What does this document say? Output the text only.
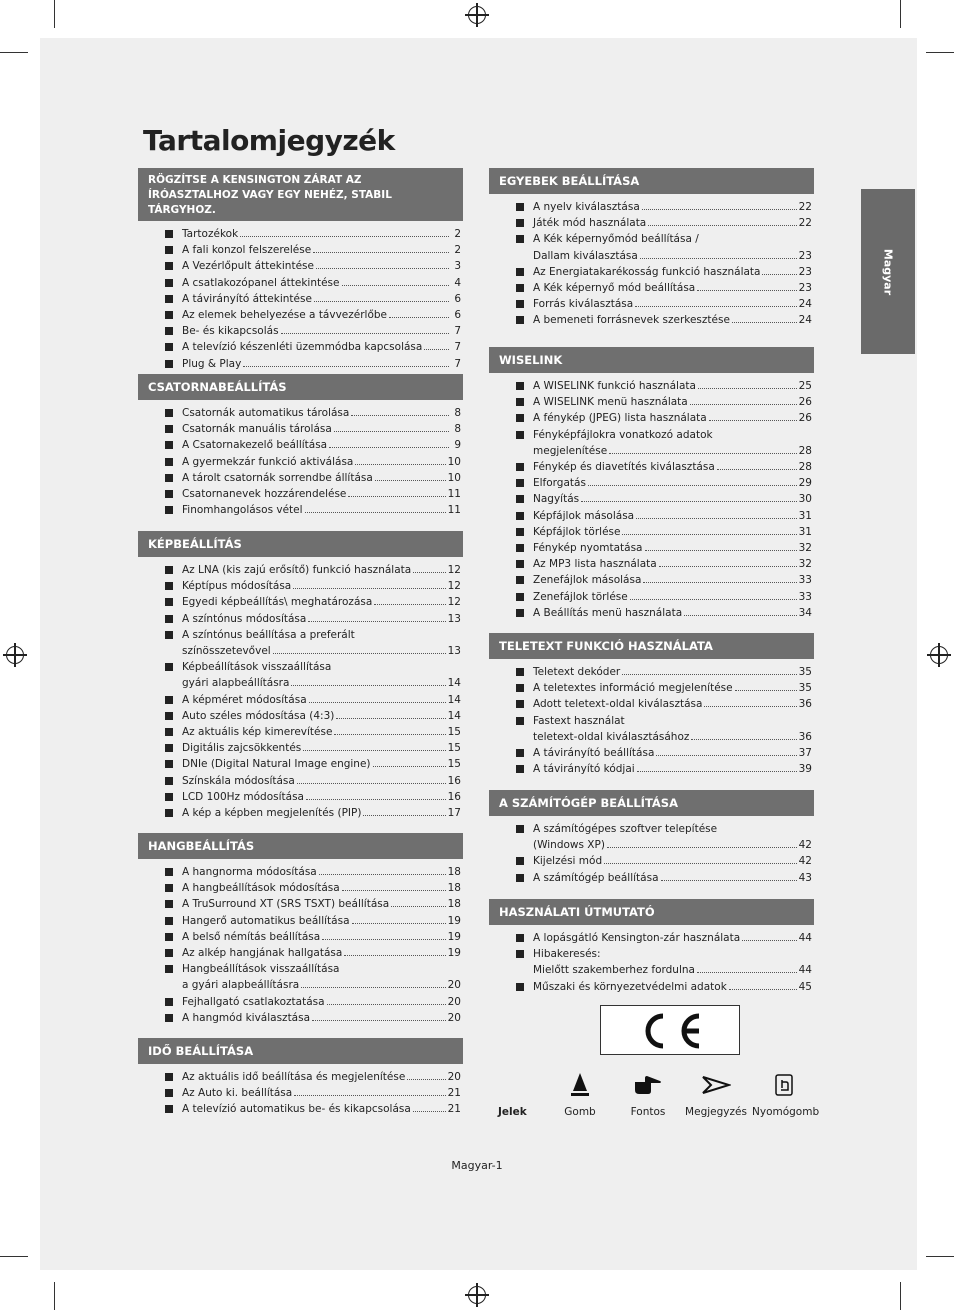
Tartalomjegyzék
Magyar
RÖGZÍTSE A KENSINGTON ZÁRAT AZ ÍRÓASZTALHOZ VAGY EGY NEHÉZ, STABIL TÁRGYHOZ.
Tartozékok	2
A fali konzol felszerelése	2
A Vezérlőpult áttekintése	3
A csatlakozópanel áttekintése	4
A távirányító áttekintése	6
Az elemek behelyezése a távvezérlőbe	6
Be- és kikapcsolás	7
A televízió készenléti üzemmódba kapcsolása	7
Plug & Play	7
CSATORNABEÁLLÍTÁS
Csatornák automatikus tárolása	8
Csatornák manuális tárolása	8
A Csatornakezelő beállítása	9
A gyermekzár funkció aktiválása	10
A tárolt csatornák sorrendbe állítása	10
Csatornanevek hozzárendelése	11
Finomhangolásos vétel	11
KÉPBEÁLLÍTÁS
Az LNA (kis zajú erősítő) funkció használata	12
Képtípus módosítása	12
Egyedi képbeállítás\ meghatározása	12
A színtónus módosítása	13
A színtónus beállítása a preferált
színösszetevővel	13
Képbeállítások visszaállítása
gyári alapbeállításra	14
A képméret módosítása	14
Auto széles módosítása (4:3)	14
Az aktuális kép kimerevítése	15
Digitális zajcsökkentés	15
DNIe (Digital Natural Image engine)	15
Színskála módosítása	16
LCD 100Hz módosítása	16
A kép a képben megjelenítés (PIP)	17
HANGBEÁLLÍTÁS
A hangnorma módosítása	18
A hangbeállítások módosítása	18
A TruSurround XT (SRS TSXT) beállítása	18
Hangerő automatikus beállítása	19
A belső némítás beállítása	19
Az alkép hangjának hallgatása	19
Hangbeállítások visszaállítása
a gyári alapbeállításra	20
Fejhallgató csatlakoztatása	20
A hangmód kiválasztása	20
IDŐ BEÁLLÍTÁSA
Az aktuális idő beállítása és megjelenítése	20
Az Auto ki. beállítása	21
A televízió automatikus be- és kikapcsolása	21
EGYEBEK BEÁLLÍTÁSA
A nyelv kiválasztása	22
Játék mód használata	22
A Kék képernyőmód beállítása /
Dallam kiválasztása	23
Az Energiatakarékosság funkció használata	23
A Kék képernyő mód beállítása	23
Forrás kiválasztása	24
A bemeneti forrásnevek szerkesztése	24
WISELINK
A WISELINK funkció használata	25
A WISELINK menü használata	26
A fénykép (JPEG) lista használata	26
Fényképfájlokra vonatkozó adatok
megjelenítése	28
Fénykép és diavetítés kiválasztása	28
Elforgatás	29
Nagyítás	30
Képfájlok másolása	31
Képfájlok törlése	31
Fénykép nyomtatása	32
Az MP3 lista használata	32
Zenefájlok másolása	33
Zenefájlok törlése	33
A Beállítás menü használata	34
TELETEXT FUNKCIÓ HASZNÁLATA
Teletext dekóder	35
A teletextes információ megjelenítése	35
Adott teletext-oldal kiválasztása	36
Fastext használat
teletext-oldal kiválasztásához	36
A távirányító beállítása	37
A távirányító kódjai	39
A SZÁMÍTÓGÉP BEÁLLÍTÁSA
A számítógépes szoftver telepítése
(Windows XP)	42
Kijelzési mód	42
A számítógép beállítása	43
HASZNÁLATI ÚTMUTATÓ
A lopásgátló Kensington-zár használata	44
Hibakeresés:
Mielőtt szakemberhez fordulna	44
Műszaki és környezetvédelmi adatok	45
Jelek	Gomb	Fontos	Megjegyzés Nyomógomb
Magyar-1
